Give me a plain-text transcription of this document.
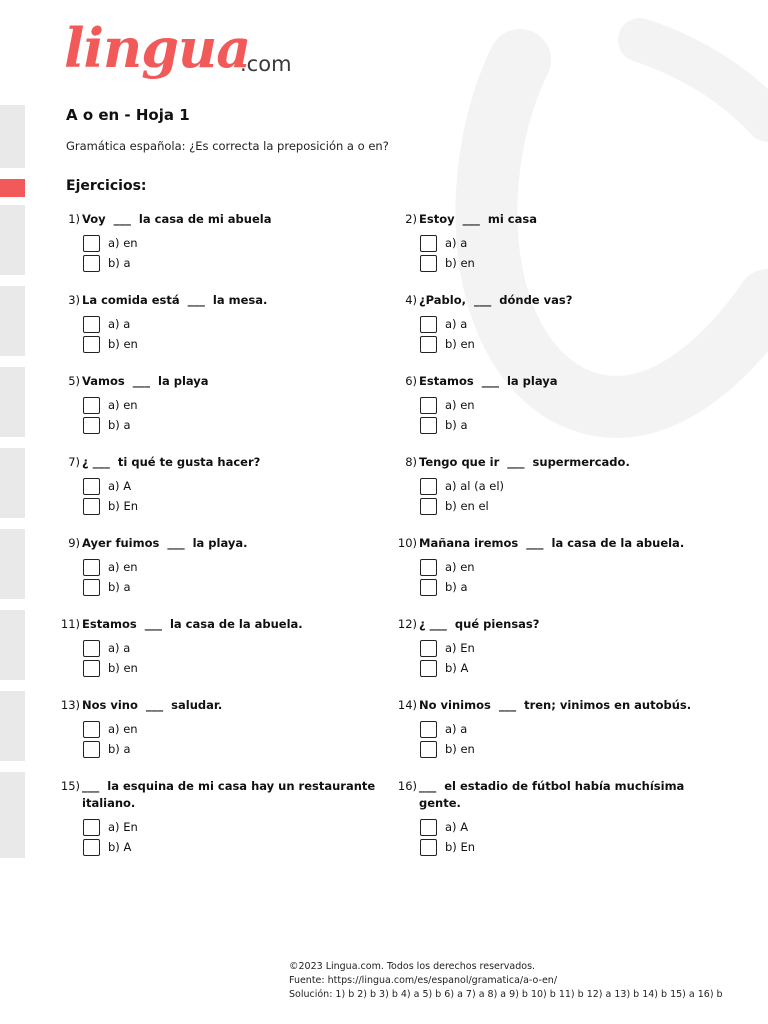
lingua
.com
A o en - Hoja 1
Gramática española: ¿Es correcta la preposición a o en?
Ejercicios:
1) Voy  ___  la casa de mi abuela
a) en
b) a
2) Estoy  ___  mi casa
a) a
b) en
3) La comida está  ___  la mesa.
a) a
b) en
4) ¿Pablo,  ___  dónde vas?
a) a
b) en
5) Vamos  ___  la playa
a) en
b) a
6) Estamos  ___  la playa
a) en
b) a
7) ¿ ___  ti qué te gusta hacer?
a) A
b) En
8) Tengo que ir  ___  supermercado.
a) al (a el)
b) en el
9) Ayer fuimos  ___  la playa.
a) en
b) a
10) Mañana iremos  ___  la casa de la abuela.
a) en
b) a
11) Estamos  ___  la casa de la abuela.
a) a
b) en
12) ¿ ___  qué piensas?
a) En
b) A
13) Nos vino  ___  saludar.
a) en
b) a
14) No vinimos  ___  tren; vinimos en autobús.
a) a
b) en
15) ___  la esquina de mi casa hay un restaurante italiano.
a) En
b) A
16) ___  el estadio de fútbol había muchísima gente.
a) A
b) En
©2023 Lingua.com. Todos los derechos reservados.
Fuente: https://lingua.com/es/espanol/gramatica/a-o-en/
Solución: 1) b 2) b 3) b 4) a 5) b 6) a 7) a 8) a 9) b 10) b 11) b 12) a 13) b 14) b 15) a 16) b
